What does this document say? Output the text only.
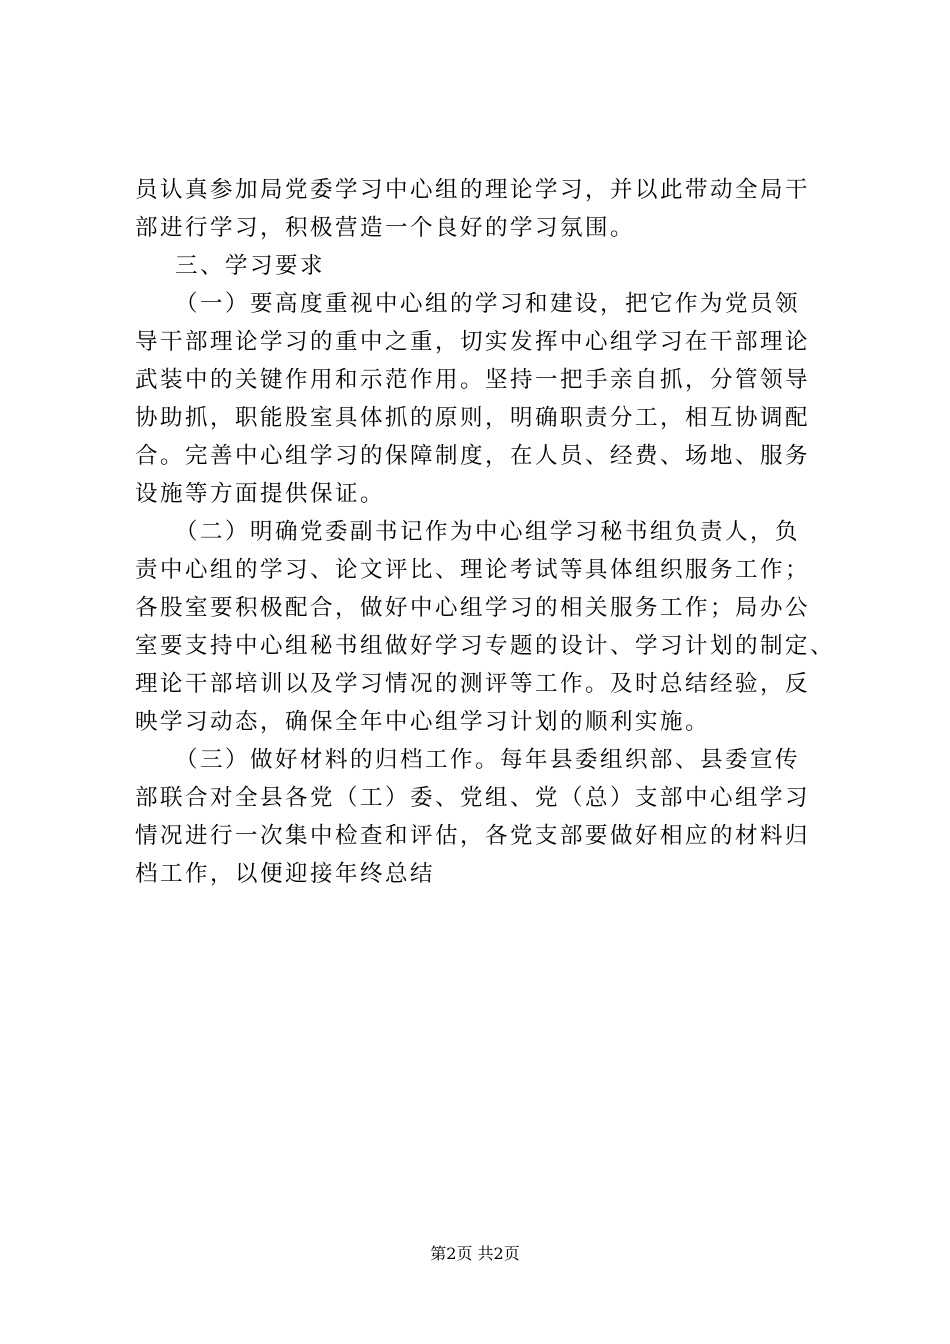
员认真参加局党委学习中心组的理论学习，并以此带动全局干
部进行学习，积极营造一个良好的学习氛围。
三、学习要求
（一）要高度重视中心组的学习和建设，把它作为党员领
导干部理论学习的重中之重，切实发挥中心组学习在干部理论
武装中的关键作用和示范作用。坚持一把手亲自抓，分管领导
协助抓，职能股室具体抓的原则，明确职责分工，相互协调配
合。完善中心组学习的保障制度，在人员、经费、场地、服务
设施等方面提供保证。
（二）明确党委副书记作为中心组学习秘书组负责人，负
责中心组的学习、论文评比、理论考试等具体组织服务工作；
各股室要积极配合，做好中心组学习的相关服务工作；局办公
室要支持中心组秘书组做好学习专题的设计、学习计划的制定、
理论干部培训以及学习情况的测评等工作。及时总结经验，反
映学习动态，确保全年中心组学习计划的顺利实施。
（三）做好材料的归档工作。每年县委组织部、县委宣传
部联合对全县各党（工）委、党组、党（总）支部中心组学习
情况进行一次集中检查和评估，各党支部要做好相应的材料归
档工作，以便迎接年终总结
第2页 共2页
